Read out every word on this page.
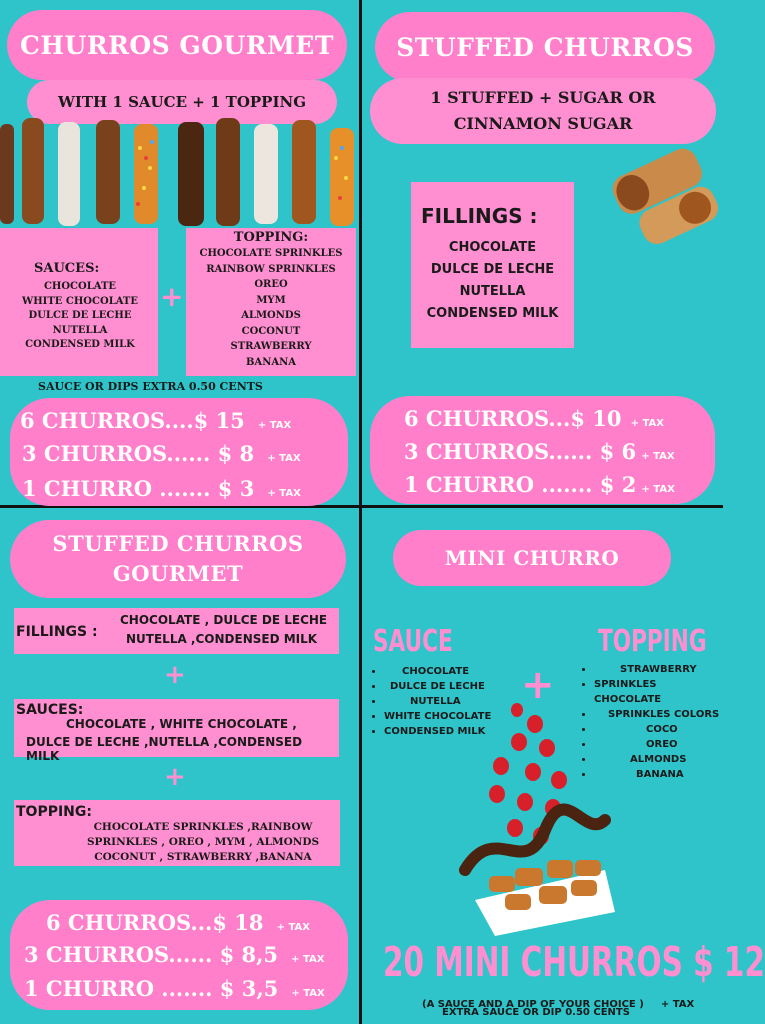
CHURROS GOURMET
WITH 1 SAUCE + 1 TOPPING
SAUCES:
CHOCOLATE
WHITE CHOCOLATE
DULCE DE LECHE
NUTELLA
CONDENSED MILK
+
TOPPING:
CHOCOLATE SPRINKLES
RAINBOW SPRINKLES
OREO
MYM
ALMONDS
COCONUT
STRAWBERRY
BANANA
SAUCE OR DIPS EXTRA 0.50 CENTS
6 CHURROS....$ 15 + TAX
3 CHURROS...... $ 8 + TAX
1 CHURRO ....... $ 3 + TAX
STUFFED CHURROS
1 STUFFED + SUGAR OR
CINNAMON SUGAR
FILLINGS :
CHOCOLATE
DULCE DE LECHE
NUTELLA
CONDENSED MILK
6 CHURROS...$ 10 + TAX
3 CHURROS...... $ 6 + TAX
1 CHURRO ....... $ 2 + TAX
STUFFED CHURROS
GOURMET
FILLINGS :
CHOCOLATE , DULCE DE LECHE
NUTELLA ,CONDENSED MILK
+
SAUCES:
CHOCOLATE , WHITE CHOCOLATE ,
DULCE DE LECHE ,NUTELLA ,CONDENSED MILK
+
TOPPING:
CHOCOLATE SPRINKLES ,RAINBOW
SPRINKLES , OREO , MYM , ALMONDS
COCONUT , STRAWBERRY ,BANANA
6 CHURROS...$ 18 + TAX
3 CHURROS...... $ 8,5 + TAX
1 CHURRO ....... $ 3,5 + TAX
MINI CHURRO
SAUCE
• CHOCOLATE
• DULCE DE LECHE
• NUTELLA
• WHITE CHOCOLATE
• CONDENSED MILK
TOPPING
• STRAWBERRY
• SPRINKLES CHOCOLATE
• SPRINKLES COLORS
• COCO
• OREO
• ALMONDS
• BANANA
+
20 MINI CHURROS $ 12
(A SAUCE AND A DIP OF YOUR CHOICE ) + TAX
EXTRA SAUCE OR DIP 0.50 CENTS
